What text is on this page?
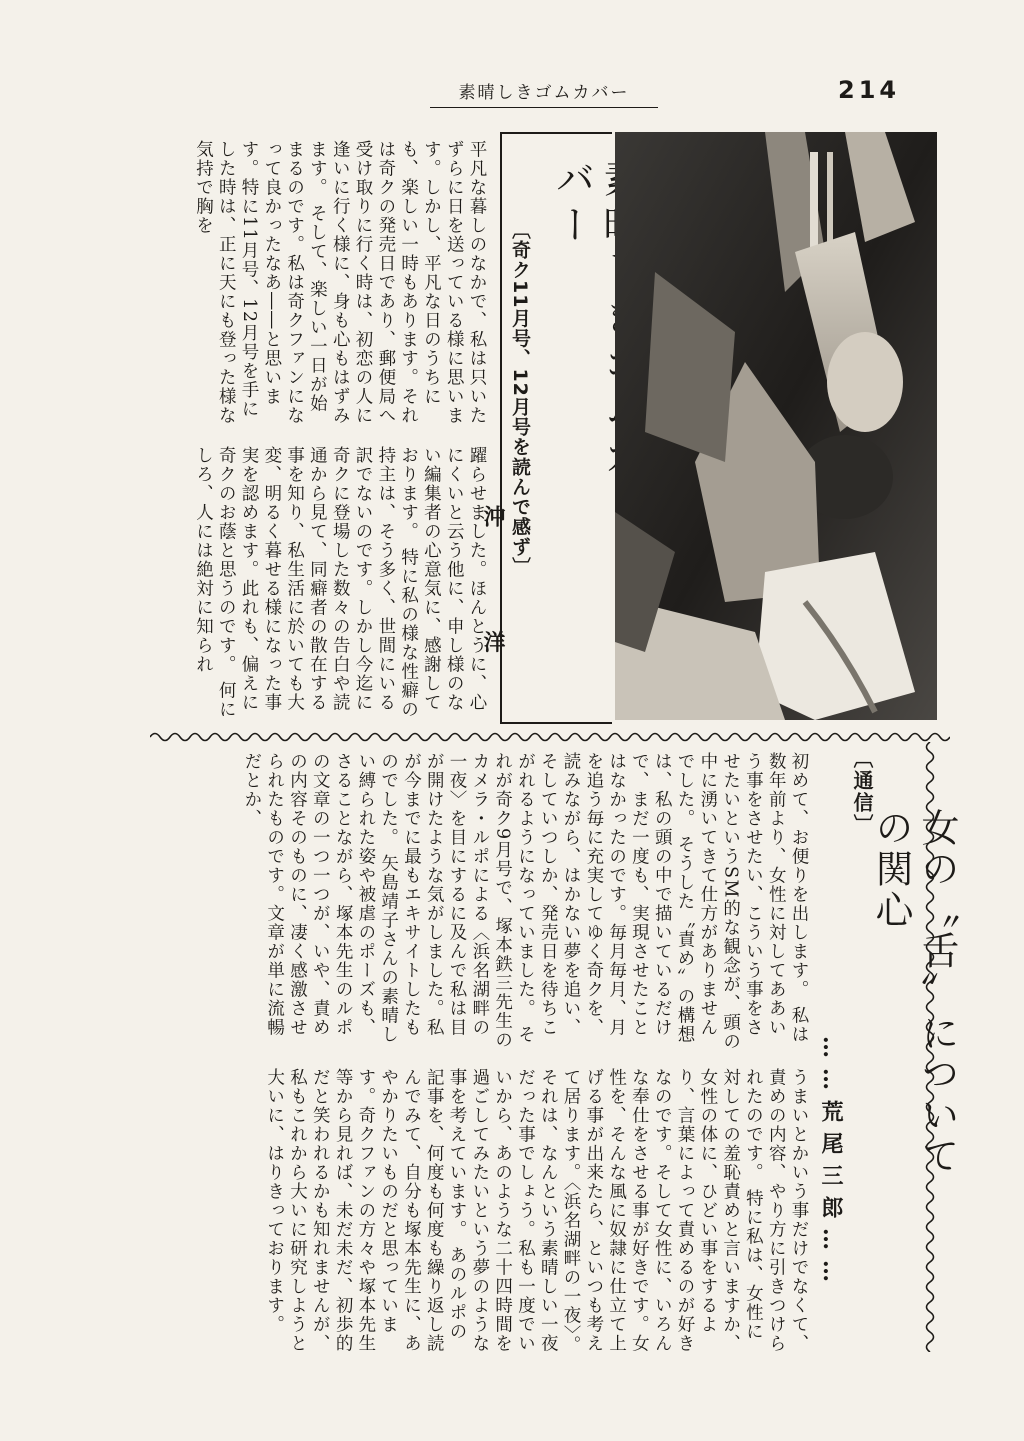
素晴しきゴムカバー	214
バー
〔奇ク11月号、12月号を読んで感ず〕
沖 洋
平凡な暮しのなかで、私は只いたずらに日を送っている様に思います。しかし、平凡な日のうちにも、楽しい一時もあります。それは奇クの発売日であり、郵便局へ受け取りに行く時は、初恋の人に逢いに行く様に、身も心もはずみます。 そして、楽しい一日が始まるのです。私は奇クファンになって良かったなあ――と思います。特に11月号、12月号を手にした時は、正に天にも登った様な気持で胸を
躍らせました。ほんとうに、心にくいと云う他に、申し様のない編集者の心意気に、感謝しております。 特に私の様な性癖の持主は、そう多く、世間にいる訳でないのです。しかし今迄に奇クに登場した数々の告白や読通から見て、同癖者の散在する事を知り、私生活に於いても大変、明るく暮せる様になった事実を認めます。此れも、偏えに奇クのお蔭と思うのです。 何にしろ、人には絶対に知られ
〔通信〕
女の〝舌〟についての関心
……荒尾三郎……
初めて、お便りを出します。 私は数年前より、女性に対してああいう事をさせたい、こういう事をさせたいというSM的な観念が、頭の中に湧いてきて仕方がありませんでした。 そうした〝責め〟の構想は、私の頭の中で描いているだけで、まだ一度も、実現させたことはなかったのです。毎月毎月、月を追う毎に充実してゆく奇クを、読みながら、はかない夢を追い、そしていつしか、発売日を待ちこがれるようになっていました。 それが奇ク9月号で、塚本鉄三先生のカメラ・ルポによる〈浜名湖畔の一夜〉を目にするに及んで私は目が開けたような気がしました。私が今までに最もエキサイトしたものでした。 矢島靖子さんの素晴しい縛られた姿や被虐のポーズも、さることながら、塚本先生のルポの文章の一つ一つが、いや、責めの内容そのものに、凄く感激させられたものです。文章が単に流暢だとか、
うまいとかいう事だけでなくて、責めの内容、やり方に引きつけられたのです。 特に私は、女性に対しての羞恥責めと言いますか、女性の体に、ひどい事をするより、言葉によって責めるのが好きなのです。そして女性に、いろんな奉仕をさせる事が好きです。女性を、そんな風に奴隷に仕立て上げる事が出来たら、といつも考えて居ります。〈浜名湖畔の一夜〉。それは、なんという素晴しい一夜だった事でしょう。私も一度でいいから、あのような二十四時間を過ごしてみたいという夢のような事を考えています。 あのルポの記事を、何度も何度も繰り返し読んでみて、自分も塚本先生に、あやかりたいものだと思っています。奇クファンの方々や塚本先生等から見れば、未だ未だ、初歩的だと笑われるかも知れませんが、私もこれから大いに研究しようと大いに、はりきっております。
